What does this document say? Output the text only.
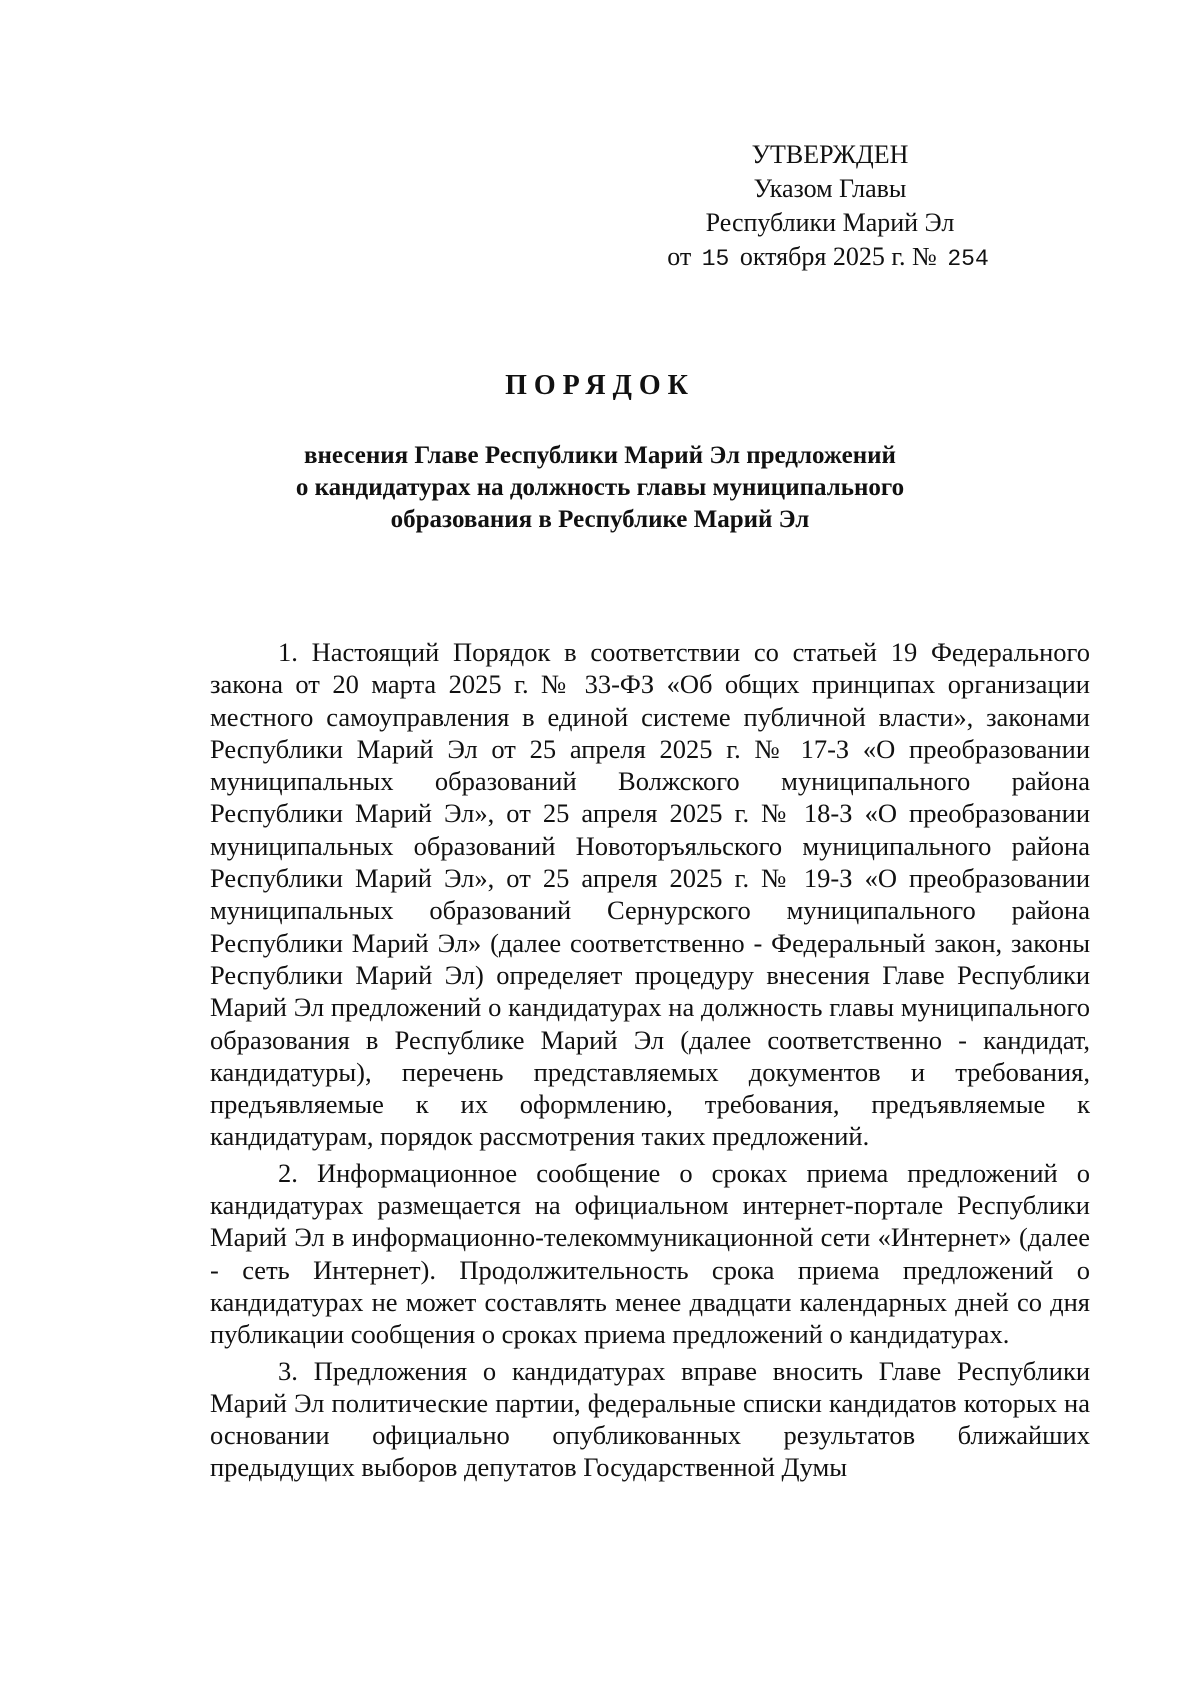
УТВЕРЖДЕН
Указом Главы
Республики Марий Эл
от 15 октября 2025 г. № 254
ПОРЯДОК
внесения Главе Республики Марий Эл предложений
о кандидатурах на должность главы муниципального
образования в Республике Марий Эл

1. Настоящий Порядок в соответствии со статьей 19 Федерального закона от 20 марта 2025 г. № 33-ФЗ «Об общих принципах организации местного самоуправления в единой системе публичной власти», законами Республики Марий Эл от 25 апреля 2025 г. № 17-З «О преобразовании муниципальных образований Волжского муниципального района Республики Марий Эл», от 25 апреля 2025 г. № 18-З «О преобразовании муниципальных образований Новоторъяльского муниципального района Республики Марий Эл», от 25 апреля 2025 г. № 19-З «О преобразовании муниципальных образований Сернурского муниципального района Республики Марий Эл» (далее соответственно - Федеральный закон, законы Республики Марий Эл) определяет процедуру внесения Главе Республики Марий Эл предложений о кандидатурах на должность главы муниципального образования в Республике Марий Эл (далее соответственно - кандидат, кандидатуры), перечень представляемых документов и требования, предъявляемые к их оформлению, требования, предъявляемые к кандидатурам, порядок рассмотрения таких предложений.

2. Информационное сообщение о сроках приема предложений о кандидатурах размещается на официальном интернет-портале Республики Марий Эл в информационно-телекоммуникационной сети «Интернет» (далее - сеть Интернет). Продолжительность срока приема предложений о кандидатурах не может составлять менее двадцати календарных дней со дня публикации сообщения о сроках приема предложений о кандидатурах.

3. Предложения о кандидатурах вправе вносить Главе Республики Марий Эл политические партии, федеральные списки кандидатов которых на основании официально опубликованных результатов ближайших предыдущих выборов депутатов Государственной Думы
